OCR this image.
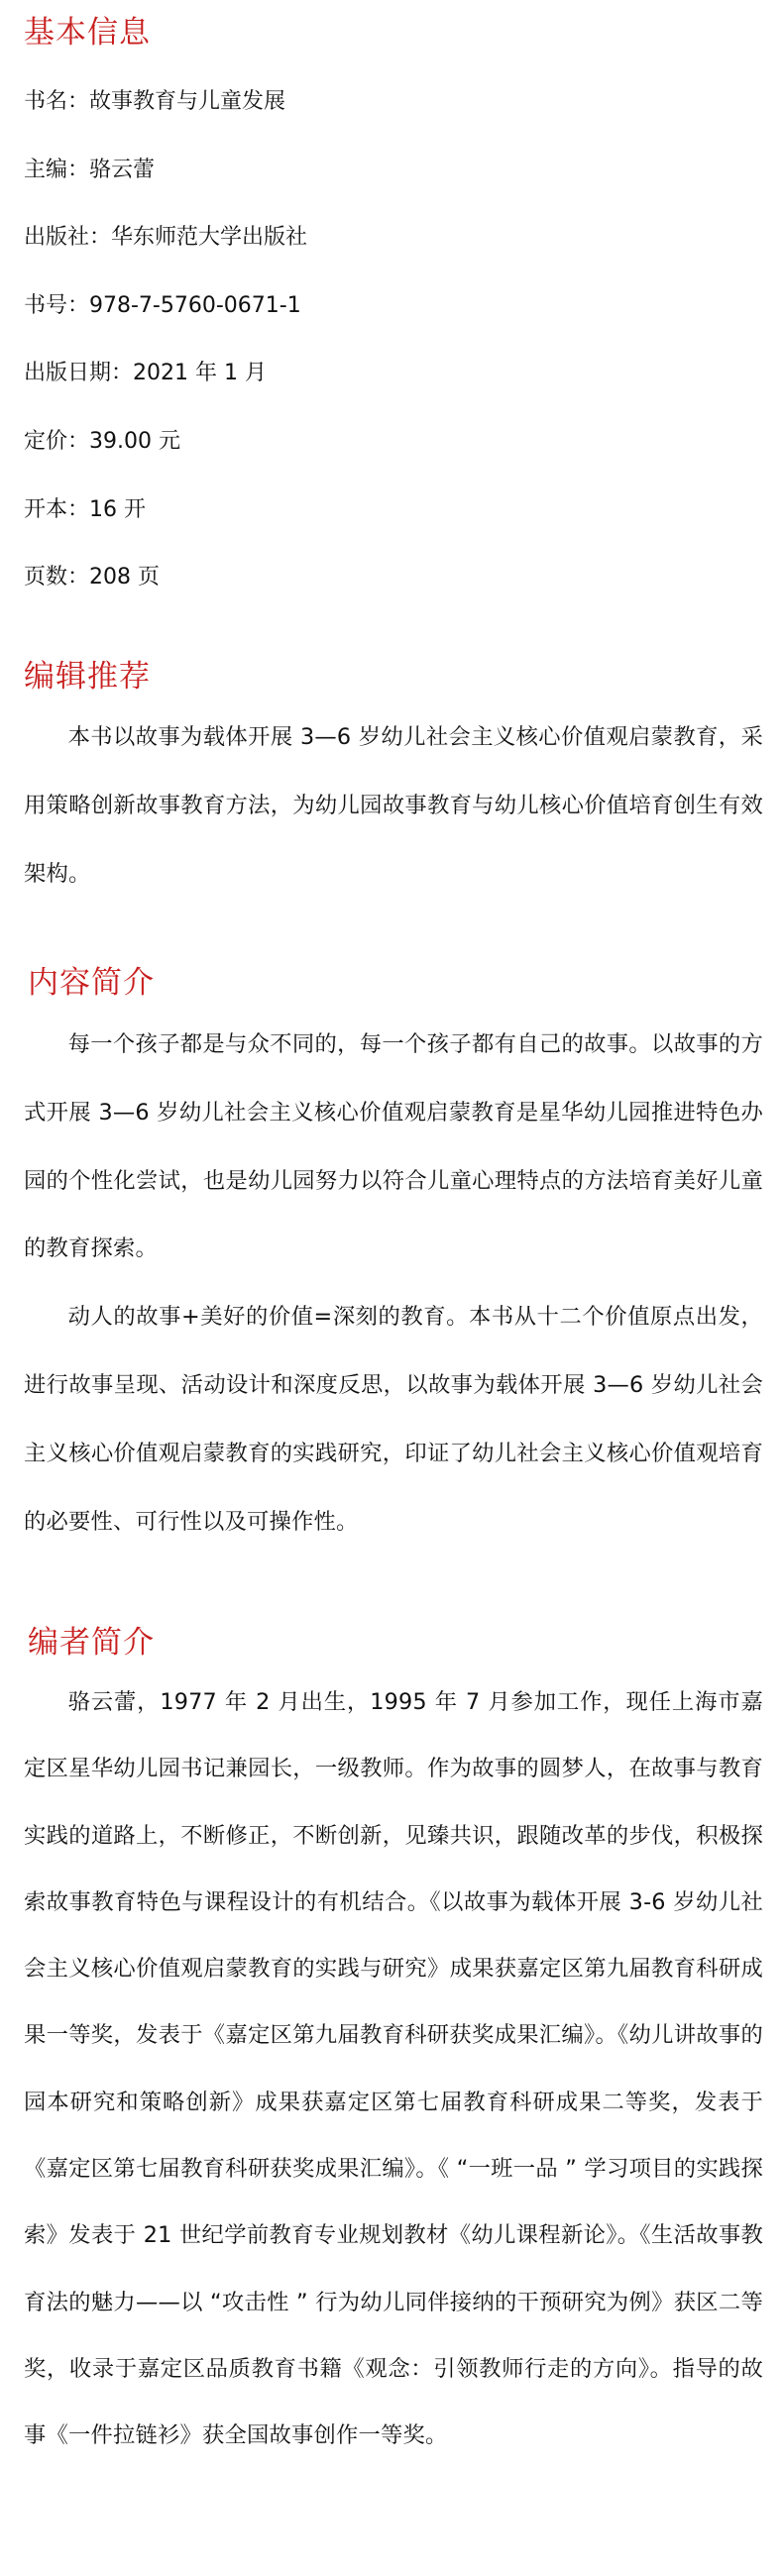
基本信息
书名：故事教育与儿童发展
主编：骆云蕾
出版社：华东师范大学出版社
书号：978-7-5760-0671-1
出版日期：2021 年 1 月
定价：39.00 元
开本：16 开
页数：208 页
编辑推荐

本书以故事为载体开展 3—6 岁幼儿社会主义核心价值观启蒙教育，采用策略创新故事教育方法，为幼儿园故事教育与幼儿核心价值培育创生有效架构。

内容简介

每一个孩子都是与众不同的，每一个孩子都有自己的故事。以故事的方式开展 3—6 岁幼儿社会主义核心价值观启蒙教育是星华幼儿园推进特色办园的个性化尝试，也是幼儿园努力以符合儿童心理特点的方法培育美好儿童的教育探索。

动人的故事+美好的价值=深刻的教育。本书从十二个价值原点出发，进行故事呈现、活动设计和深度反思，以故事为载体开展 3—6 岁幼儿社会主义核心价值观启蒙教育的实践研究，印证了幼儿社会主义核心价值观培育的必要性、可行性以及可操作性。

编者简介

骆云蕾，1977 年 2 月出生，1995 年 7 月参加工作，现任上海市嘉定区星华幼儿园书记兼园长，一级教师。作为故事的圆梦人，在故事与教育实践的道路上，不断修正，不断创新，见臻共识，跟随改革的步伐，积极探索故事教育特色与课程设计的有机结合。《以故事为载体开展 3-6 岁幼儿社会主义核心价值观启蒙教育的实践与研究》成果获嘉定区第九届教育科研成果一等奖，发表于《嘉定区第九届教育科研获奖成果汇编》。《幼儿讲故事的园本研究和策略创新》成果获嘉定区第七届教育科研成果二等奖，发表于《嘉定区第七届教育科研获奖成果汇编》。《 “一班一品 ” 学习项目的实践探索》发表于 21 世纪学前教育专业规划教材《幼儿课程新论》。《生活故事教育法的魅力——以 “攻击性 ” 行为幼儿同伴接纳的干预研究为例》获区二等奖，收录于嘉定区品质教育书籍《观念：引领教师行走的方向》。指导的故事《一件拉链衫》获全国故事创作一等奖。
